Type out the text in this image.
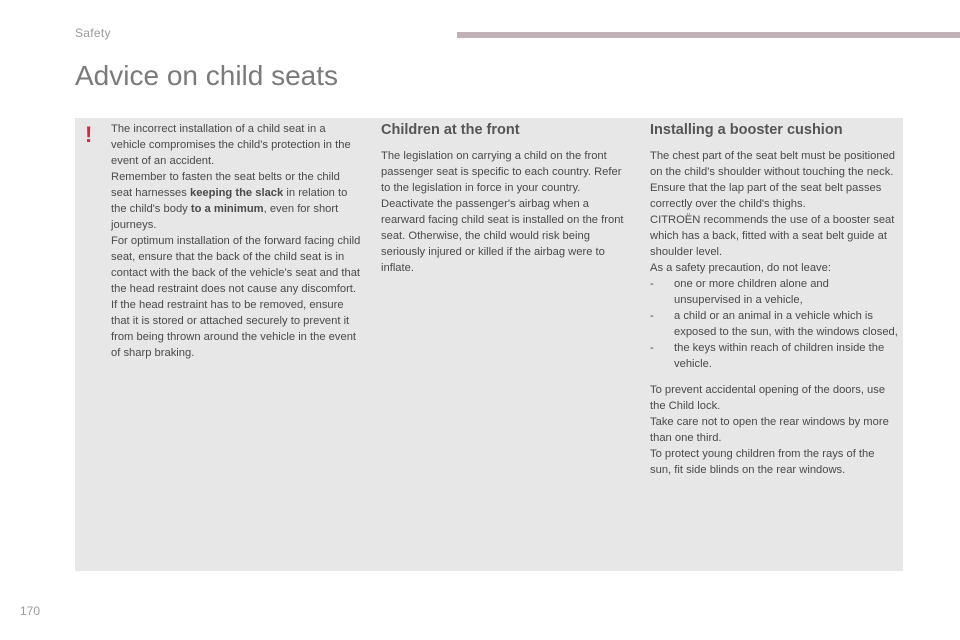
Safety
Advice on child seats
! The incorrect installation of a child seat in a vehicle compromises the child's protection in the event of an accident.

Remember to fasten the seat belts or the child seat harnesses keeping the slack in relation to the child's body to a minimum, even for short journeys.

For optimum installation of the forward facing child seat, ensure that the back of the child seat is in contact with the back of the vehicle's seat and that the head restraint does not cause any discomfort.

If the head restraint has to be removed, ensure that it is stored or attached securely to prevent it from being thrown around the vehicle in the event of sharp braking.

Children at the front

The legislation on carrying a child on the front passenger seat is specific to each country. Refer to the legislation in force in your country.

Deactivate the passenger's airbag when a rearward facing child seat is installed on the front seat. Otherwise, the child would risk being seriously injured or killed if the airbag were to inflate.

Installing a booster cushion

The chest part of the seat belt must be positioned on the child's shoulder without touching the neck.

Ensure that the lap part of the seat belt passes correctly over the child's thighs.

CITROËN recommends the use of a booster seat which has a back, fitted with a seat belt guide at shoulder level.

As a safety precaution, do not leave:

- one or more children alone and unsupervised in a vehicle,
- a child or an animal in a vehicle which is exposed to the sun, with the windows closed,
- the keys within reach of children inside the vehicle.

To prevent accidental opening of the doors, use the Child lock.

Take care not to open the rear windows by more than one third.

To protect young children from the rays of the sun, fit side blinds on the rear windows.

170
